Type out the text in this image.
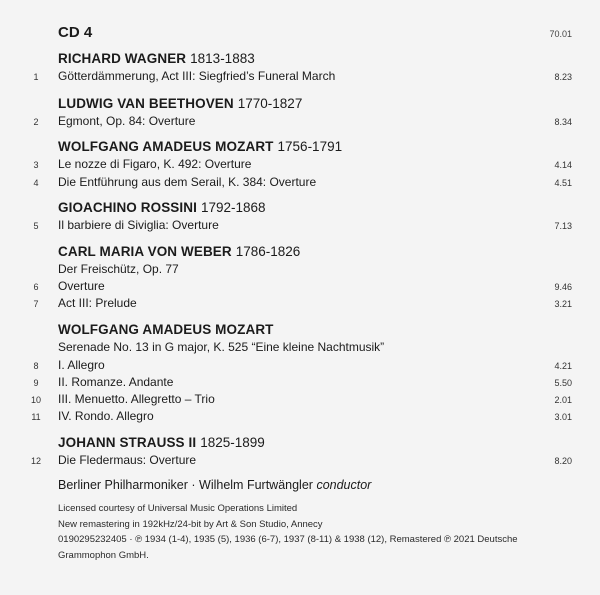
CD 4	70.01
RICHARD WAGNER 1813-1883
1	Götterdämmerung, Act III: Siegfried’s Funeral March	8.23
LUDWIG VAN BEETHOVEN 1770-1827
2	Egmont, Op. 84: Overture	8.34
WOLFGANG AMADEUS MOZART 1756-1791
3	Le nozze di Figaro, K. 492: Overture	4.14
4	Die Entführung aus dem Serail, K. 384: Overture	4.51
GIOACHINO ROSSINI 1792-1868
5	Il barbiere di Siviglia: Overture	7.13
CARL MARIA VON WEBER 1786-1826
Der Freischütz, Op. 77
6	Overture	9.46
7	Act III: Prelude	3.21
WOLFGANG AMADEUS MOZART
Serenade No. 13 in G major, K. 525 “Eine kleine Nachtmusik”
8	I. Allegro	4.21
9	II. Romanze. Andante	5.50
10 III. Menuetto. Allegretto – Trio	2.01
11 IV. Rondo. Allegro	3.01
JOHANN STRAUSS II 1825-1899
12 Die Fledermaus: Overture	8.20
Berliner Philharmoniker · Wilhelm Furtwängler conductor
Licensed courtesy of Universal Music Operations Limited
New remastering in 192kHz/24-bit by Art & Son Studio, Annecy
0190295232405 · ℗ 1934 (1-4), 1935 (5), 1936 (6-7), 1937 (8-11) & 1938 (12), Remastered ℗ 2021 Deutsche
Grammophon GmbH.
